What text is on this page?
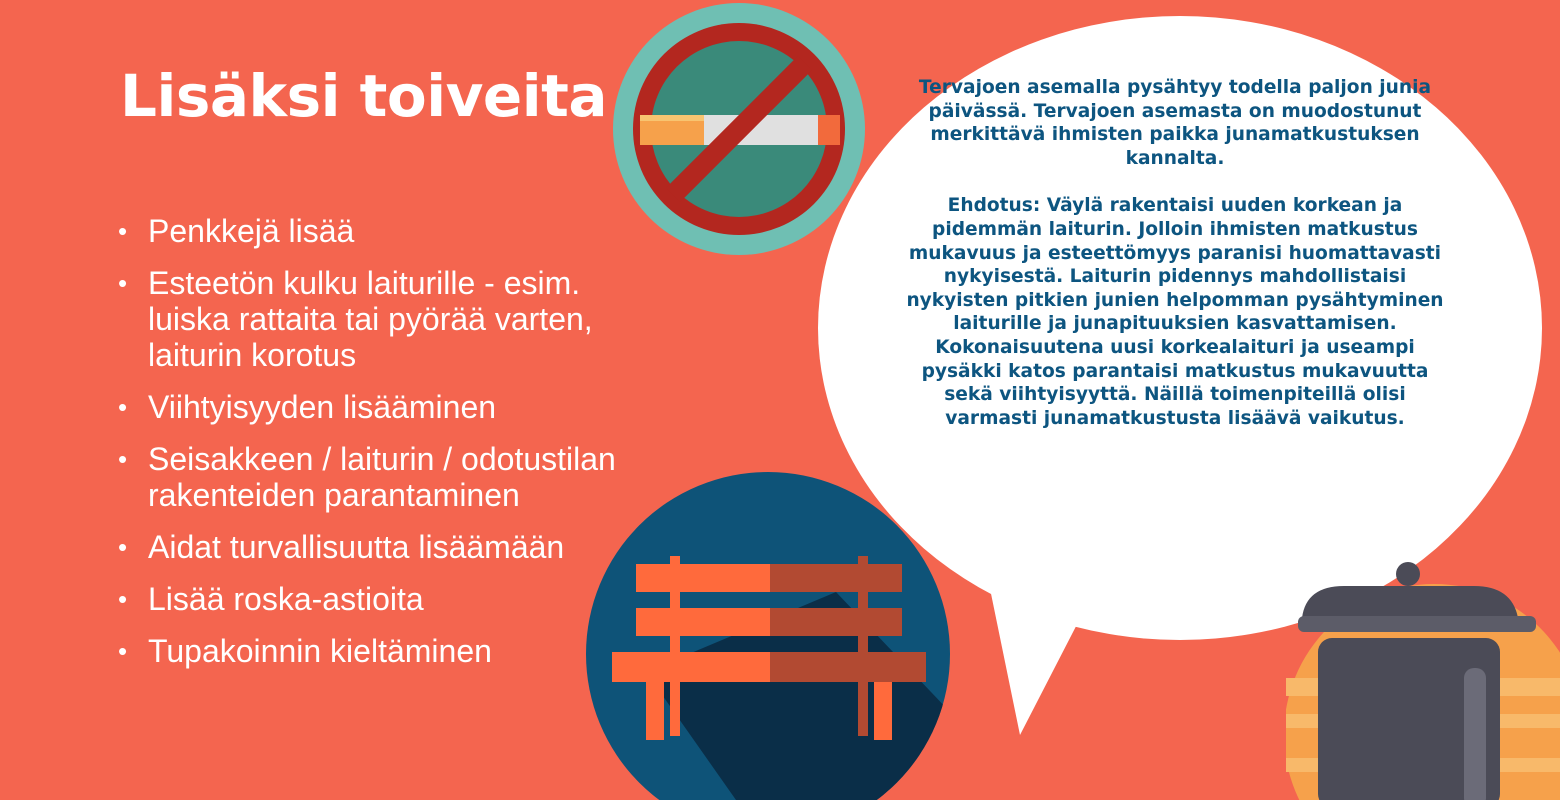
Lisäksi toiveita
• Penkkejä lisää
• Esteetön kulku laiturille - esim. luiska rattaita tai pyörää varten, laiturin korotus
• Viihtyisyyden lisääminen
• Seisakkeen / laiturin / odotustilan rakenteiden parantaminen
• Aidat turvallisuutta lisäämään
• Lisää roska-astioita
• Tupakoinnin kieltäminen

Tervajoen asemalla pysähtyy todella paljon junia päivässä. Tervajoen asemasta on muodostunut merkittävä ihmisten paikka junamatkustuksen kannalta.

Ehdotus: Väylä rakentaisi uuden korkean ja pidemmän laiturin. Jolloin ihmisten matkustus mukavuus ja esteettömyys paranisi huomattavasti nykyisestä. Laiturin pidennys mahdollistaisi nykyisten pitkien junien helpomman pysähtyminen laiturille ja junapituuksien kasvattamisen. Kokonaisuutena uusi korkealaituri ja useampi pysäkki katos parantaisi matkustus mukavuutta sekä viihtyisyyttä. Näillä toimenpiteillä olisi varmasti junamatkustusta lisäävä vaikutus.
